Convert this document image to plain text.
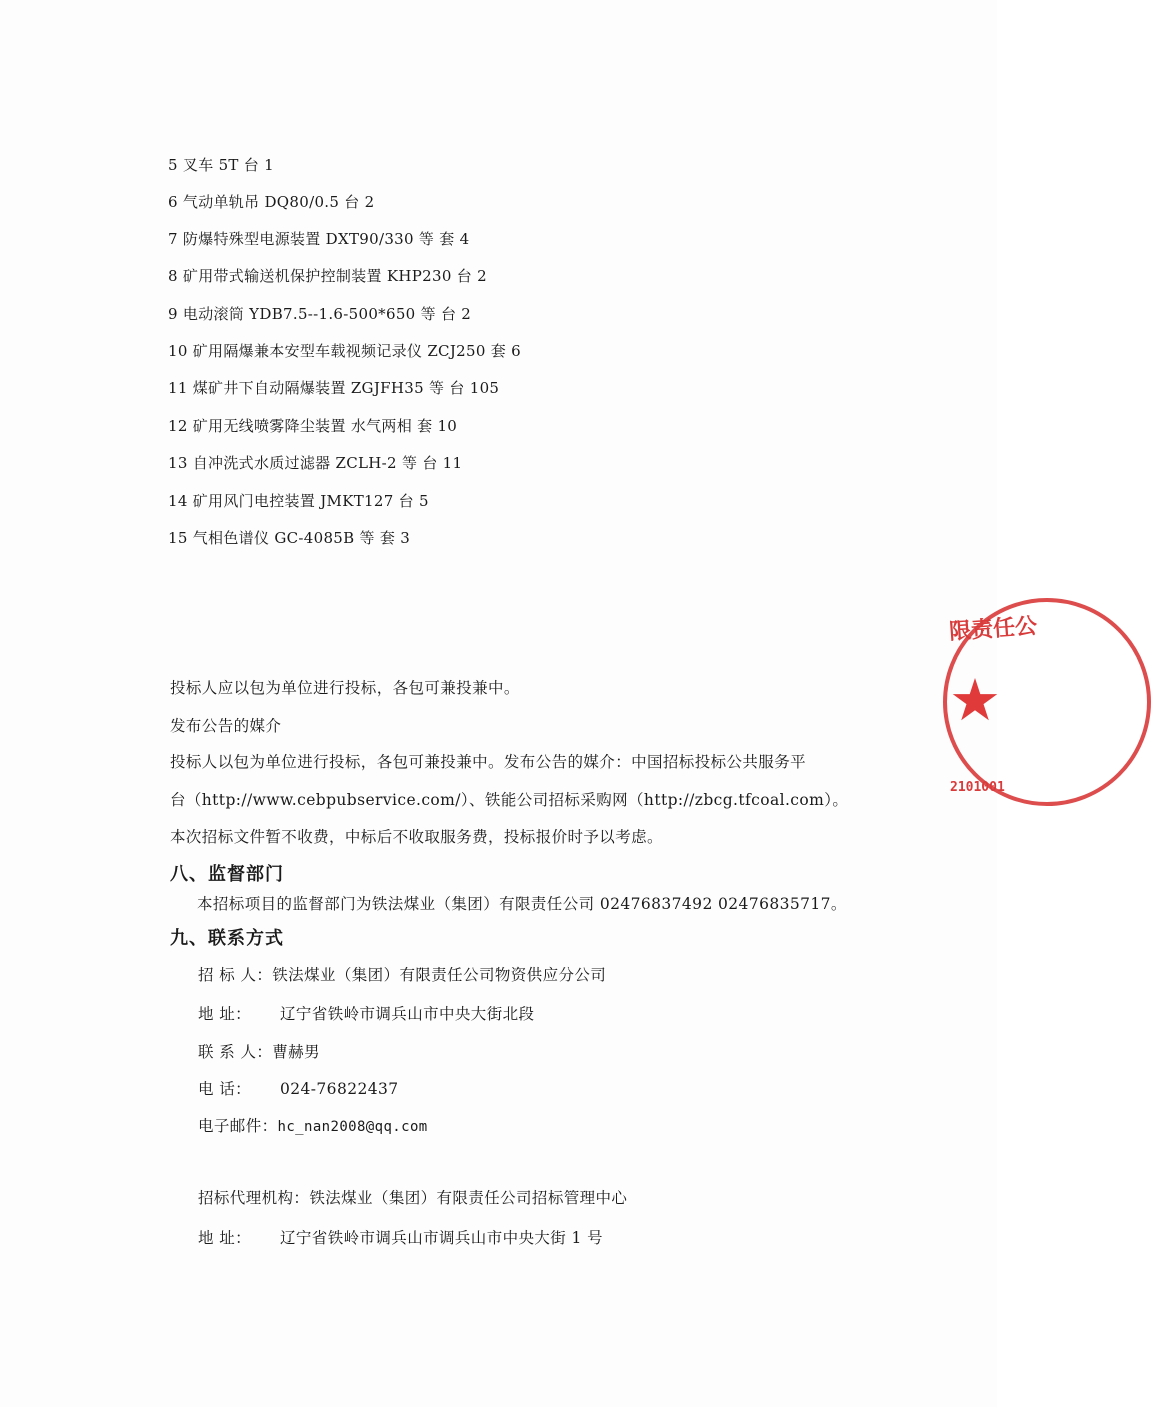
5 叉车 5T 台 1
6 气动单轨吊 DQ80/0.5 台 2
7 防爆特殊型电源装置 DXT90/330 等 套 4
8 矿用带式输送机保护控制装置 KHP230 台 2
9 电动滚筒 YDB7.5--1.6-500*650 等 台 2
10 矿用隔爆兼本安型车载视频记录仪 ZCJ250 套 6
11 煤矿井下自动隔爆装置 ZGJFH35 等 台 105
12 矿用无线喷雾降尘装置 水气两相 套 10
13 自冲洗式水质过滤器 ZCLH-2 等 台 11
14 矿用风门电控装置 JMKT127 台 5
15 气相色谱仪 GC-4085B 等 套 3
投标人应以包为单位进行投标，各包可兼投兼中。
发布公告的媒介
投标人以包为单位进行投标，各包可兼投兼中。发布公告的媒介：中国招标投标公共服务平
台（http://www.cebpubservice.com/）、铁能公司招标采购网（http://zbcg.tfcoal.com）。
本次招标文件暂不收费，中标后不收取服务费，投标报价时予以考虑。
八、监督部门
本招标项目的监督部门为铁法煤业（集团）有限责任公司 02476837492 02476835717。
九、联系方式
招 标 人：铁法煤业（集团）有限责任公司物资供应分公司
地 址： 辽宁省铁岭市调兵山市中央大街北段
联 系 人：曹赫男
电 话： 024-76822437
电子邮件：hc_nan2008@qq.com
招标代理机构：铁法煤业（集团）有限责任公司招标管理中心
地 址：辽宁省铁岭市调兵山市调兵山市中央大街 1 号
限责任公
★
2101001
